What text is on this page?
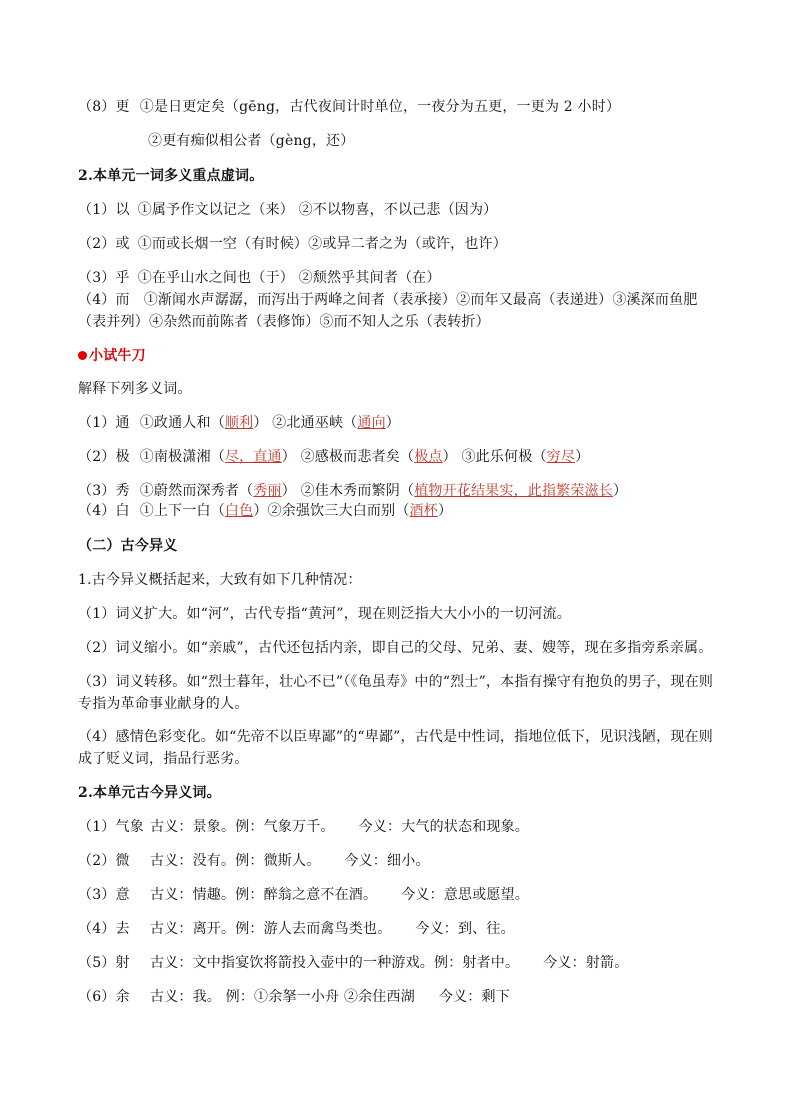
（8）更 ①是日更定矣（gēng，古代夜间计时单位，一夜分为五更，一更为 2 小时）
②更有痴似相公者（gèng，还）
2.本单元一词多义重点虚词。
（1）以 ①属予作文以记之（来） ②不以物喜，不以己悲（因为）
（2）或 ①而或长烟一空（有时候）②或异二者之为（或许，也许）
（3）乎 ①在乎山水之间也（于） ②颓然乎其间者（在）
（4）而 ①渐闻水声潺潺，而泻出于两峰之间者（表承接）②而年又最高（表递进）③溪深而鱼肥（表并列）④杂然而前陈者（表修饰）⑤而不知人之乐（表转折）
小试牛刀
解释下列多义词。
（1）通 ①政通人和（顺利） ②北通巫峡（通向）
（2）极 ①南极潇湘（尽，直通） ②感极而悲者矣（极点） ③此乐何极（穷尽）
（3）秀 ①蔚然而深秀者（秀丽） ②佳木秀而繁阴（植物开花结果实，此指繁荣滋长）
（4）白 ①上下一白（白色）②余强饮三大白而别（酒杯）
（二）古今异义
1.古今异义概括起来，大致有如下几种情况：
（1）词义扩大。如“河”，古代专指“黄河”，现在则泛指大大小小的一切河流。
（2）词义缩小。如“亲戚”，古代还包括内亲，即自己的父母、兄弟、妻、嫂等，现在多指旁系亲属。
（3）词义转移。如“烈士暮年，壮心不已”（《龟虽寿》中的“烈士”，本指有操守有抱负的男子，现在则专指为革命事业献身的人。
（4）感情色彩变化。如“先帝不以臣卑鄙”的“卑鄙”，古代是中性词，指地位低下，见识浅陋，现在则成了贬义词，指品行恶劣。
2.本单元古今异义词。
（1）气象 古义：景象。例：气象万千。 今义：大气的状态和现象。
（2）微 古义：没有。例：微斯人。 今义：细小。
（3）意 古义：情趣。例：醉翁之意不在酒。 今义：意思或愿望。
（4）去 古义：离开。例：游人去而禽鸟类也。 今义：到、往。
（5）射 古义：文中指宴饮将箭投入壶中的一种游戏。例：射者中。 今义：射箭。
（6）余 古义：我。 例：①余拏一小舟 ②余住西湖 今义：剩下
